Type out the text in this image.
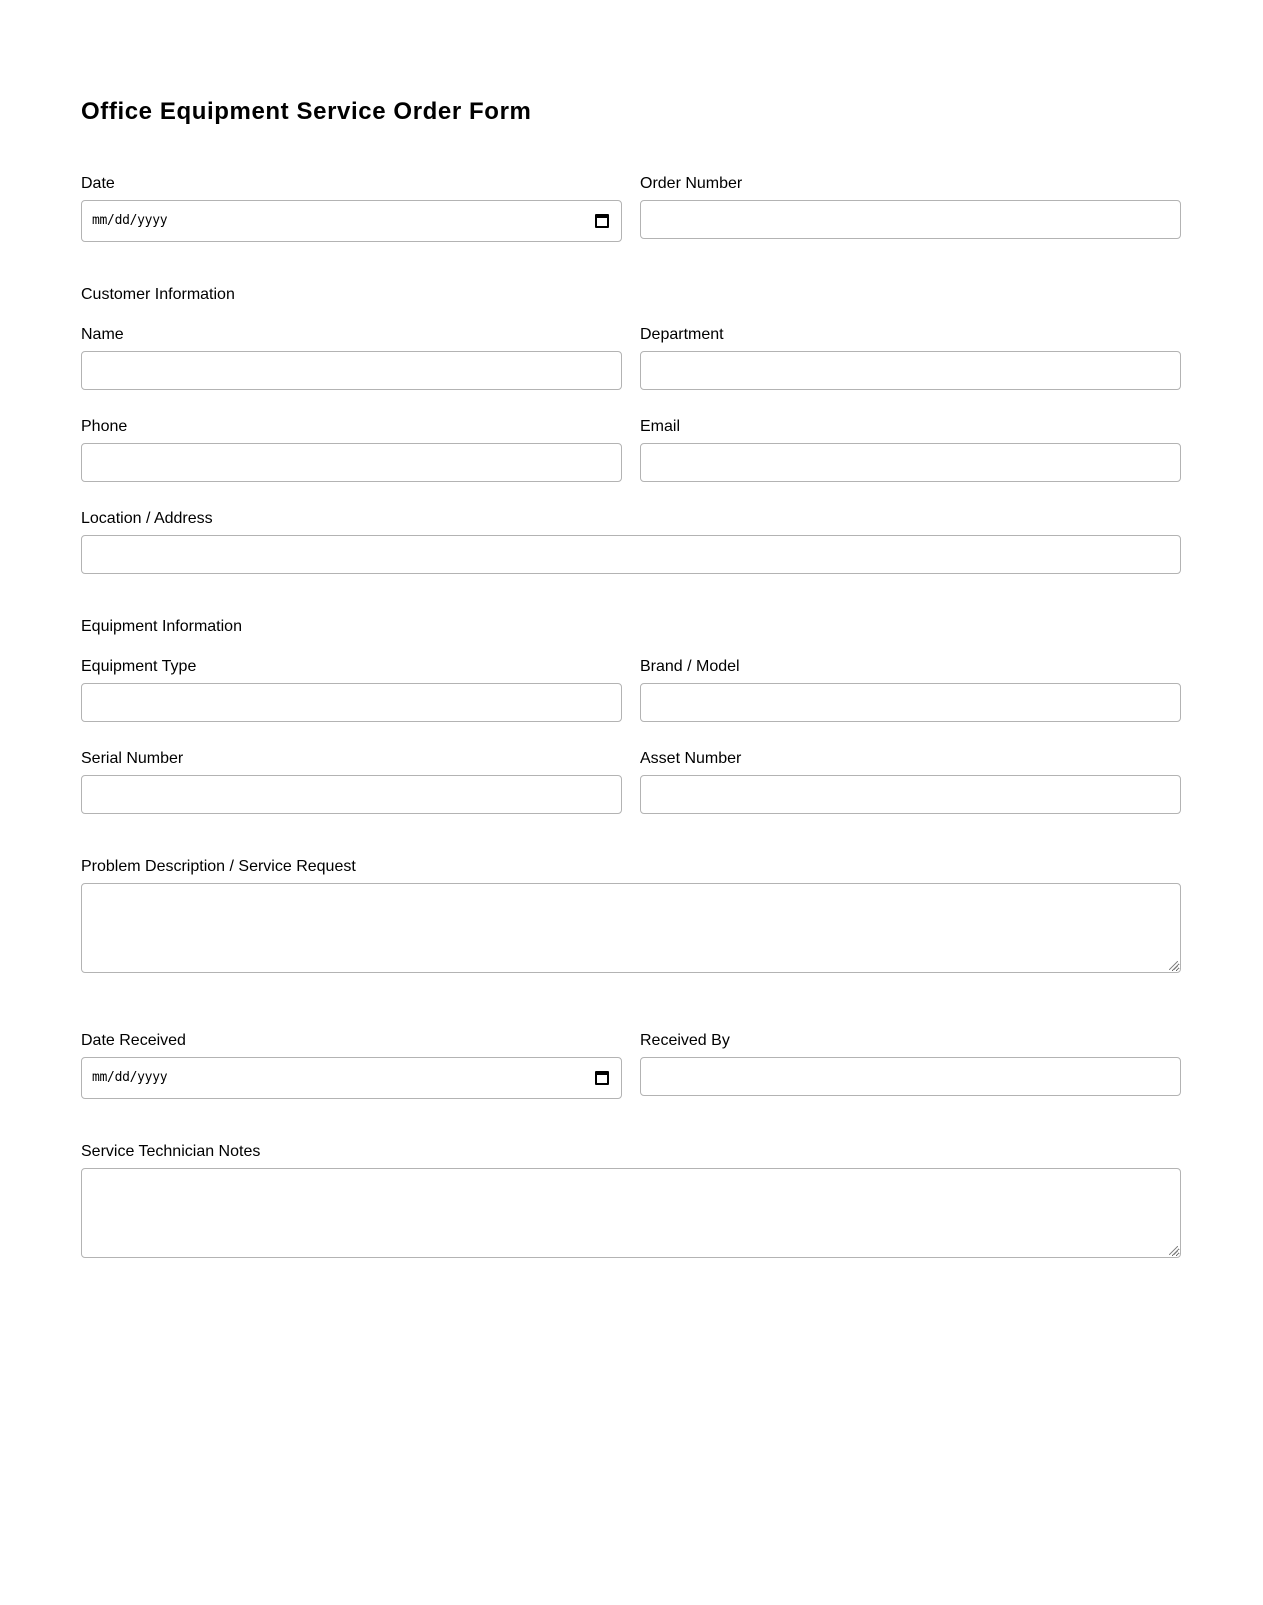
Office Equipment Service Order Form
Date
mm/dd/yyyy
Order Number
Customer Information
Name	Department
Phone	Email
Location / Address
Equipment Information
Equipment Type	Brand / Model
Serial Number	Asset Number
Problem Description / Service Request
Date Received
mm/dd/yyyy
Received By
Service Technician Notes
